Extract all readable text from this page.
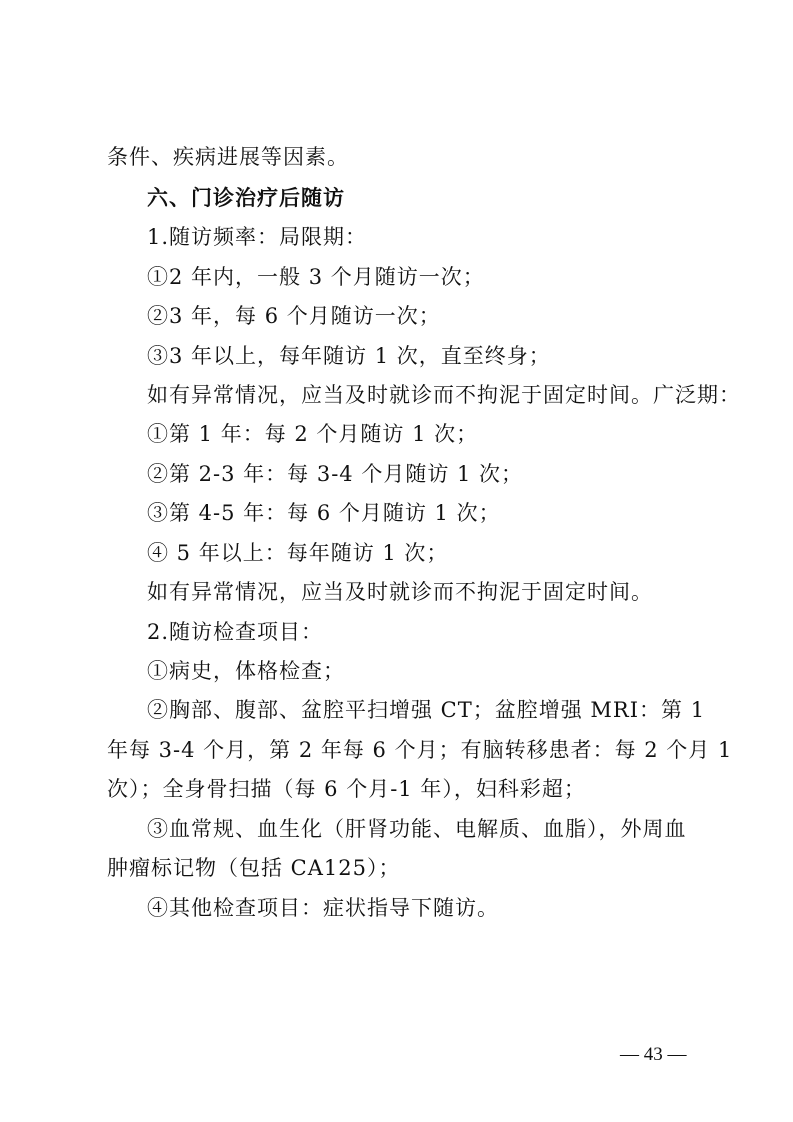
条件、疾病进展等因素。
六、门诊治疗后随访
1.随访频率：局限期：
①2 年内，一般 3 个月随访一次；
②3 年，每 6 个月随访一次；
③3 年以上，每年随访 1 次，直至终身；
如有异常情况，应当及时就诊而不拘泥于固定时间。广泛期：
①第 1 年：每 2 个月随访 1 次；
②第 2-3 年：每 3-4 个月随访 1 次；
③第 4-5 年：每 6 个月随访 1 次；
④ 5 年以上：每年随访 1 次；
如有异常情况，应当及时就诊而不拘泥于固定时间。
2.随访检查项目：
①病史，体格检查；
②胸部、腹部、盆腔平扫增强 CT；盆腔增强 MRI：第 1
年每 3-4 个月，第 2 年每 6 个月；有脑转移患者：每 2 个月 1
次）；全身骨扫描（每 6 个月-1 年），妇科彩超；
③血常规、血生化（肝肾功能、电解质、血脂），外周血
肿瘤标记物（包括 CA125）；
④其他检查项目：症状指导下随访。
— 43 —
